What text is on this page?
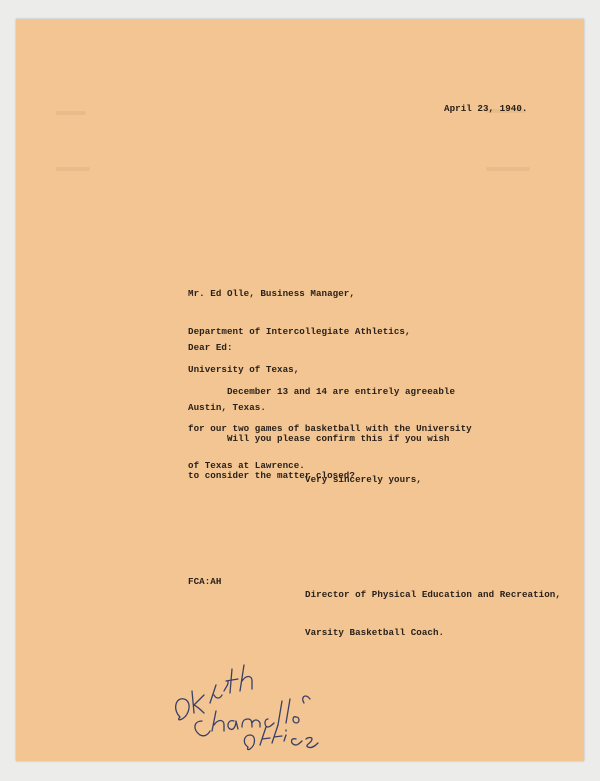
April 23, 1940.

Mr. Ed Olle, Business Manager,

Department of Intercollegiate Athletics,

University of Texas,

Austin, Texas.

Dear Ed:

December 13 and 14 are entirely agreeable

for our two games of basketball with the University

of Texas at Lawrence.

Will you please confirm this if you wish

to consider the matter closed?

Very sincerely yours,

Director of Physical Education and Recreation,

Varsity Basketball Coach.

FCA:AH
